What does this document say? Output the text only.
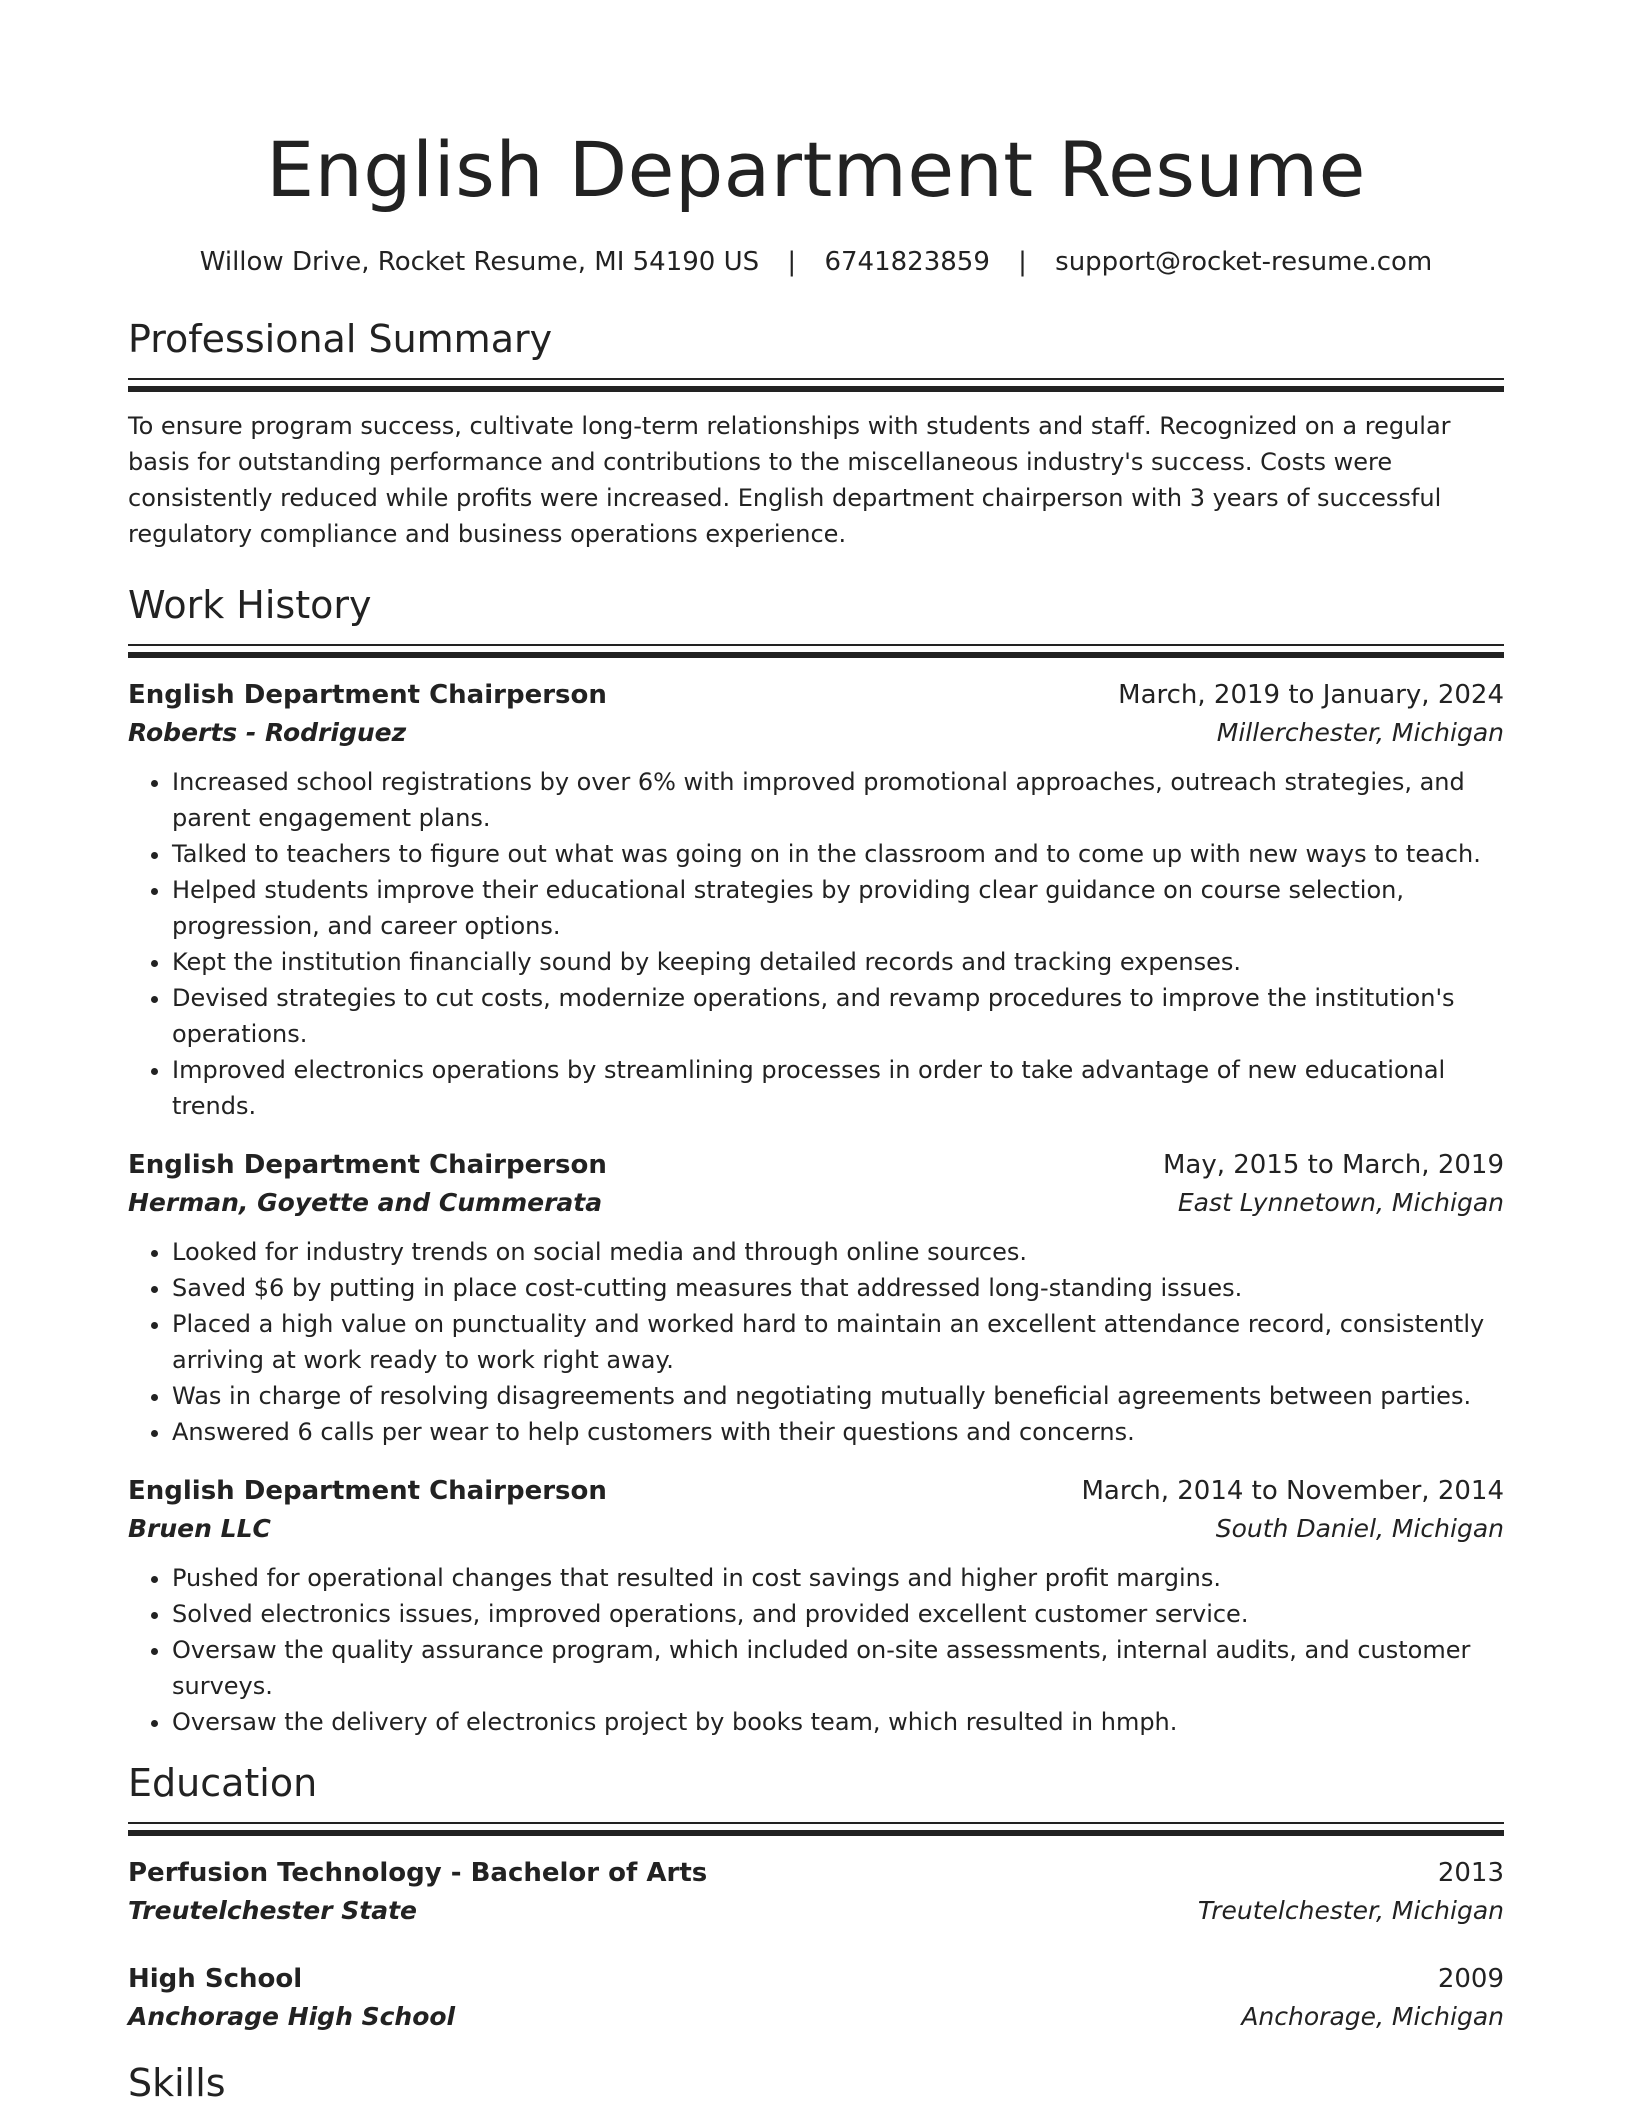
English Department Resume
Willow Drive, Rocket Resume, MI 54190 US | 6741823859 | support@rocket-resume.com
Professional Summary

To ensure program success, cultivate long-term relationships with students and staff. Recognized on a regular basis for outstanding performance and contributions to the miscellaneous industry's success. Costs were consistently reduced while profits were increased. English department chairperson with 3 years of successful regulatory compliance and business operations experience.

Work History
English Department Chairperson	March, 2019 to January, 2024
Roberts - Rodriguez	Millerchester, Michigan
• Increased school registrations by over 6% with improved promotional approaches, outreach strategies, and parent engagement plans.
• Talked to teachers to figure out what was going on in the classroom and to come up with new ways to teach.
• Helped students improve their educational strategies by providing clear guidance on course selection, progression, and career options.
• Kept the institution financially sound by keeping detailed records and tracking expenses.
• Devised strategies to cut costs, modernize operations, and revamp procedures to improve the institution's operations.
• Improved electronics operations by streamlining processes in order to take advantage of new educational trends.
English Department Chairperson	May, 2015 to March, 2019
Herman, Goyette and Cummerata	East Lynnetown, Michigan
• Looked for industry trends on social media and through online sources.
• Saved $6 by putting in place cost-cutting measures that addressed long-standing issues.
• Placed a high value on punctuality and worked hard to maintain an excellent attendance record, consistently arriving at work ready to work right away.
• Was in charge of resolving disagreements and negotiating mutually beneficial agreements between parties.
• Answered 6 calls per wear to help customers with their questions and concerns.
English Department Chairperson	March, 2014 to November, 2014
Bruen LLC	South Daniel, Michigan
• Pushed for operational changes that resulted in cost savings and higher profit margins.
• Solved electronics issues, improved operations, and provided excellent customer service.
• Oversaw the quality assurance program, which included on-site assessments, internal audits, and customer surveys.
• Oversaw the delivery of electronics project by books team, which resulted in hmph.
Education
Perfusion Technology - Bachelor of Arts	2013
Treutelchester State	Treutelchester, Michigan
High School	2009
Anchorage High School	Anchorage, Michigan
Skills
